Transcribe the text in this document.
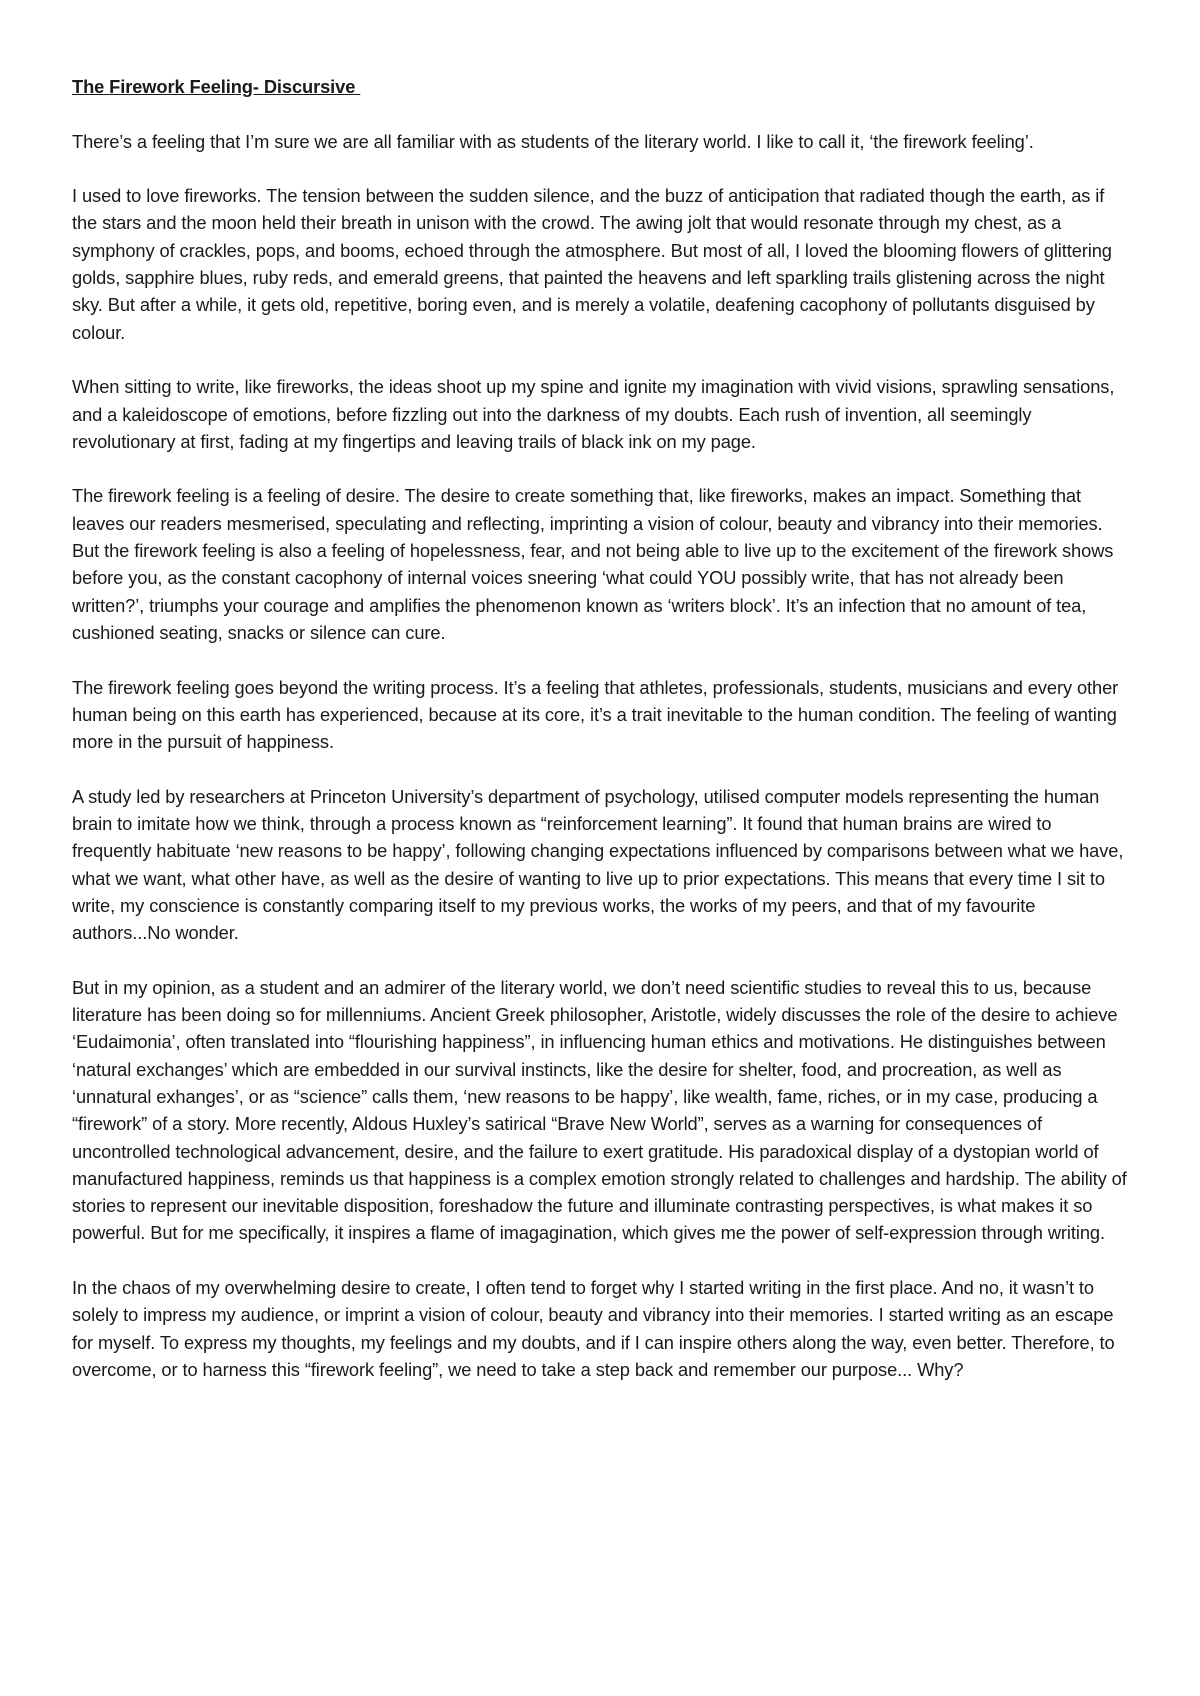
The Firework Feeling- Discursive

There’s a feeling that I’m sure we are all familiar with as students of the literary world. I like to call it, ‘the firework feeling’.

I used to love fireworks. The tension between the sudden silence, and the buzz of anticipation that radiated though the earth, as if the stars and the moon held their breath in unison with the crowd. The awing jolt that would resonate through my chest, as a symphony of crackles, pops, and booms, echoed through the atmosphere. But most of all, I loved the blooming flowers of glittering golds, sapphire blues, ruby reds, and emerald greens, that painted the heavens and left sparkling trails glistening across the night sky. But after a while, it gets old, repetitive, boring even, and is merely a volatile, deafening cacophony of pollutants disguised by colour.

When sitting to write, like fireworks, the ideas shoot up my spine and ignite my imagination with vivid visions, sprawling sensations, and a kaleidoscope of emotions, before fizzling out into the darkness of my doubts. Each rush of invention, all seemingly revolutionary at first, fading at my fingertips and leaving trails of black ink on my page.

The firework feeling is a feeling of desire. The desire to create something that, like fireworks, makes an impact. Something that leaves our readers mesmerised, speculating and reflecting, imprinting a vision of colour, beauty and vibrancy into their memories. But the firework feeling is also a feeling of hopelessness, fear, and not being able to live up to the excitement of the firework shows before you, as the constant cacophony of internal voices sneering ‘what could YOU possibly write, that has not already been written?’, triumphs your courage and amplifies the phenomenon known as ‘writers block’. It’s an infection that no amount of tea, cushioned seating, snacks or silence can cure.

The firework feeling goes beyond the writing process. It’s a feeling that athletes, professionals, students, musicians and every other human being on this earth has experienced, because at its core, it’s a trait inevitable to the human condition. The feeling of wanting more in the pursuit of happiness.

A study led by researchers at Princeton University’s department of psychology, utilised computer models representing the human brain to imitate how we think, through a process known as “reinforcement learning”. It found that human brains are wired to frequently habituate ‘new reasons to be happy’, following changing expectations influenced by comparisons between what we have, what we want, what other have, as well as the desire of wanting to live up to prior expectations. This means that every time I sit to write, my conscience is constantly comparing itself to my previous works, the works of my peers, and that of my favourite authors...No wonder.

But in my opinion, as a student and an admirer of the literary world, we don’t need scientific studies to reveal this to us, because literature has been doing so for millenniums. Ancient Greek philosopher, Aristotle, widely discusses the role of the desire to achieve ‘Eudaimonia’, often translated into “flourishing happiness”, in influencing human ethics and motivations. He distinguishes between ‘natural exchanges’ which are embedded in our survival instincts, like the desire for shelter, food, and procreation, as well as ‘unnatural exhanges’, or as “science” calls them, ‘new reasons to be happy’, like wealth, fame, riches, or in my case, producing a “firework” of a story. More recently, Aldous Huxley’s satirical “Brave New World”, serves as a warning for consequences of uncontrolled technological advancement, desire, and the failure to exert gratitude. His paradoxical display of a dystopian world of manufactured happiness, reminds us that happiness is a complex emotion strongly related to challenges and hardship. The ability of stories to represent our inevitable disposition, foreshadow the future and illuminate contrasting perspectives, is what makes it so powerful. But for me specifically, it inspires a flame of imagagination, which gives me the power of self-expression through writing.

In the chaos of my overwhelming desire to create, I often tend to forget why I started writing in the first place. And no, it wasn’t to solely to impress my audience, or imprint a vision of colour, beauty and vibrancy into their memories. I started writing as an escape for myself. To express my thoughts, my feelings and my doubts, and if I can inspire others along the way, even better. Therefore, to overcome, or to harness this “firework feeling”, we need to take a step back and remember our purpose... Why?
